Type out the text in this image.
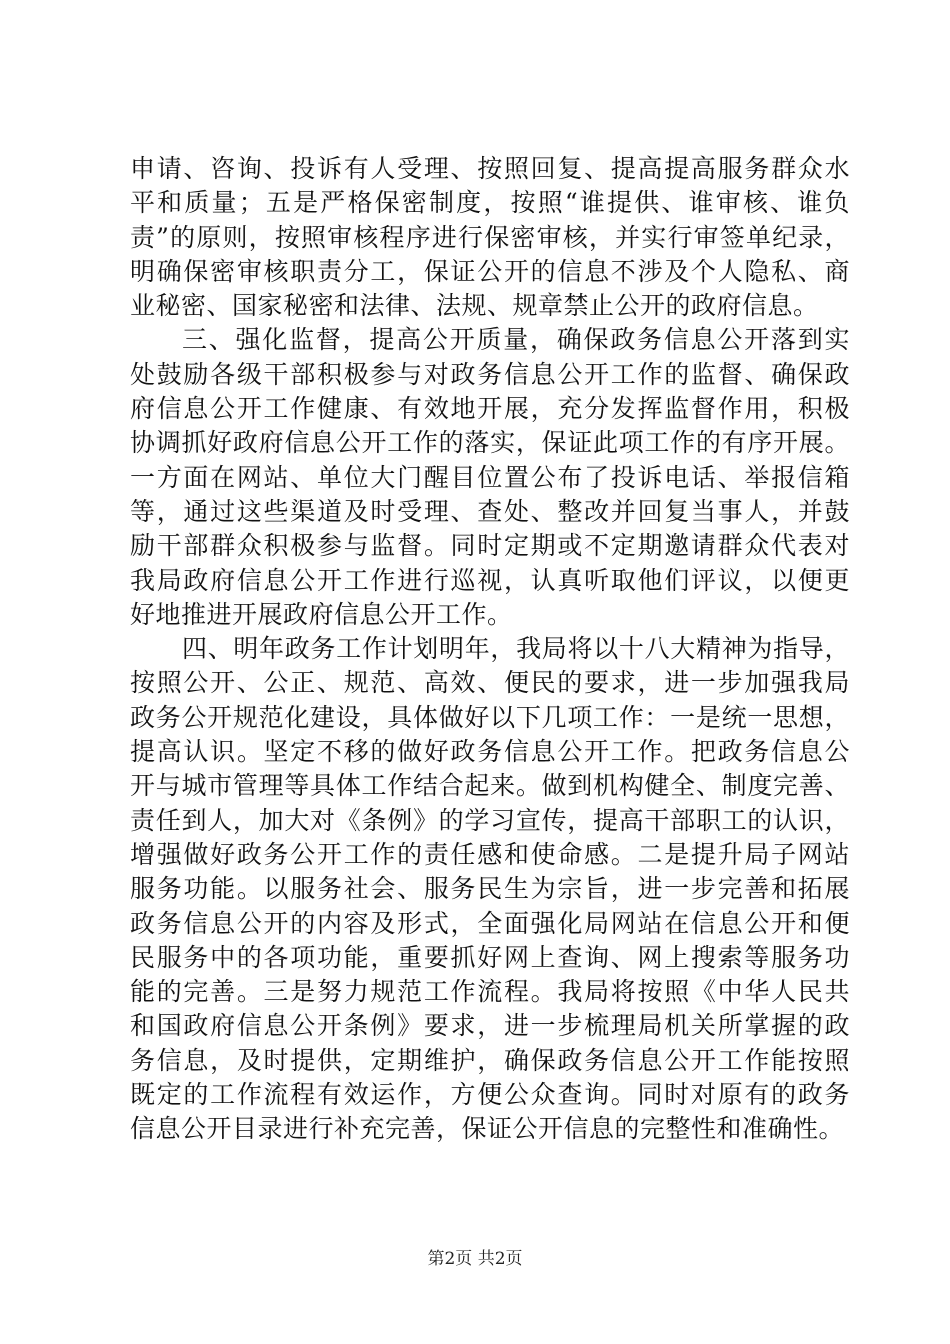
申请、咨询、投诉有人受理、按照回复、提高提高服务群众水
平和质量；五是严格保密制度，按照“谁提供、谁审核、谁负
责”的原则，按照审核程序进行保密审核，并实行审签单纪录，
明确保密审核职责分工，保证公开的信息不涉及个人隐私、商
业秘密、国家秘密和法律、法规、规章禁止公开的政府信息。
三、强化监督，提高公开质量，确保政务信息公开落到实
处鼓励各级干部积极参与对政务信息公开工作的监督、确保政
府信息公开工作健康、有效地开展，充分发挥监督作用，积极
协调抓好政府信息公开工作的落实，保证此项工作的有序开展。
一方面在网站、单位大门醒目位置公布了投诉电话、举报信箱
等，通过这些渠道及时受理、查处、整改并回复当事人，并鼓
励干部群众积极参与监督。同时定期或不定期邀请群众代表对
我局政府信息公开工作进行巡视，认真听取他们评议，以便更
好地推进开展政府信息公开工作。
四、明年政务工作计划明年，我局将以十八大精神为指导，
按照公开、公正、规范、高效、便民的要求，进一步加强我局
政务公开规范化建设，具体做好以下几项工作：一是统一思想，
提高认识。坚定不移的做好政务信息公开工作。把政务信息公
开与城市管理等具体工作结合起来。做到机构健全、制度完善、
责任到人，加大对《条例》的学习宣传，提高干部职工的认识，
增强做好政务公开工作的责任感和使命感。二是提升局子网站
服务功能。以服务社会、服务民生为宗旨，进一步完善和拓展
政务信息公开的内容及形式，全面强化局网站在信息公开和便
民服务中的各项功能，重要抓好网上查询、网上搜索等服务功
能的完善。三是努力规范工作流程。我局将按照《中华人民共
和国政府信息公开条例》要求，进一步梳理局机关所掌握的政
务信息，及时提供，定期维护，确保政务信息公开工作能按照
既定的工作流程有效运作，方便公众查询。同时对原有的政务
信息公开目录进行补充完善，保证公开信息的完整性和准确性。
第2页 共2页
